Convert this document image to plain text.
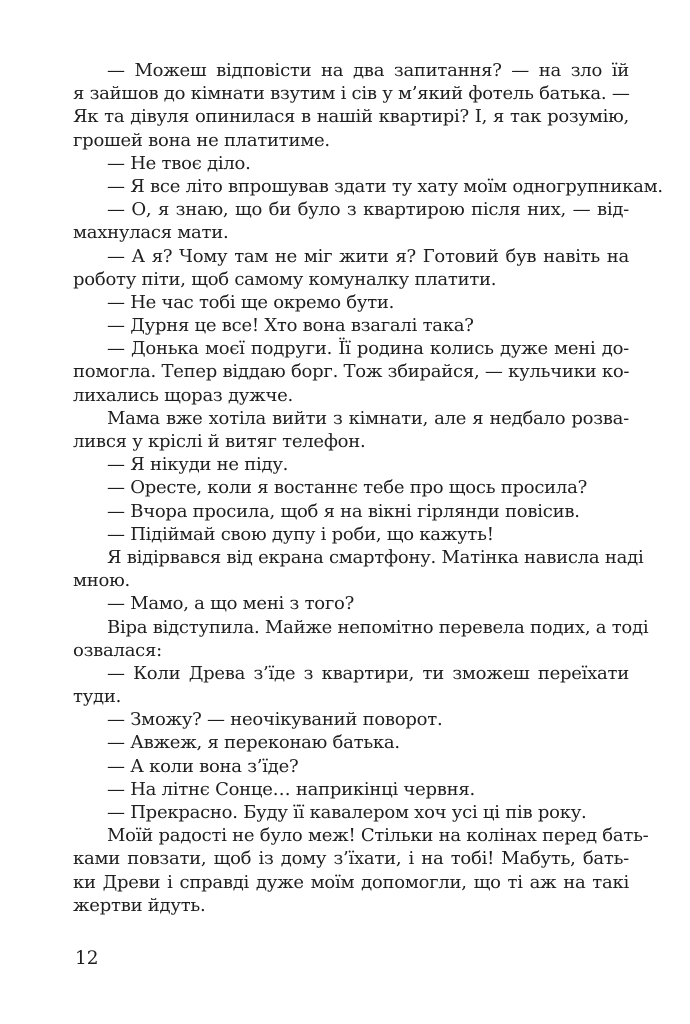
— Можеш відповісти на два запитання? — на зло їй
я зайшов до кімнати взутим і сів у м’який фотель батька. —
Як та дівуля опинилася в нашій квартирі? І, я так розумію,
грошей вона не платитиме.

— Не твоє діло.

— Я все літо впрошував здати ту хату моїм одногрупникам.

— О, я знаю, що би було з квартирою після них, — від-
махнулася мати.

— А я? Чому там не міг жити я? Готовий був навіть на
роботу піти, щоб самому комуналку платити.

— Не час тобі ще окремо бути.

— Дурня це все! Хто вона взагалі така?

— Донька моєї подруги. Її родина колись дуже мені до-
помогла. Тепер віддаю борг. Тож збирайся, — кульчики ко-
лихались щораз дужче.

Мама вже хотіла вийти з кімнати, але я недбало розва-
лився у кріслі й витяг телефон.

— Я нікуди не піду.

— Оресте, коли я востаннє тебе про щось просила?

— Вчора просила, щоб я на вікні гірлянди повісив.

— Підіймай свою дупу і роби, що кажуть!

Я відірвався від екрана смартфону. Матінка нависла наді
мною.

— Мамо, а що мені з того?

Віра відступила. Майже непомітно перевела подих, а тоді
озвалася:

— Коли Древа з’їде з квартири, ти зможеш переїхати
туди.

— Зможу? — неочікуваний поворот.

— Авжеж, я переконаю батька.

— А коли вона з’їде?

— На літнє Сонце… наприкінці червня.

— Прекрасно. Буду її кавалером хоч усі ці пів року.

Моїй радості не було меж! Стільки на колінах перед бать-
ками повзати, щоб із дому з’їхати, і на тобі! Мабуть, бать-
ки Древи і справді дуже моїм допомогли, що ті аж на такі
жертви йдуть.

12
